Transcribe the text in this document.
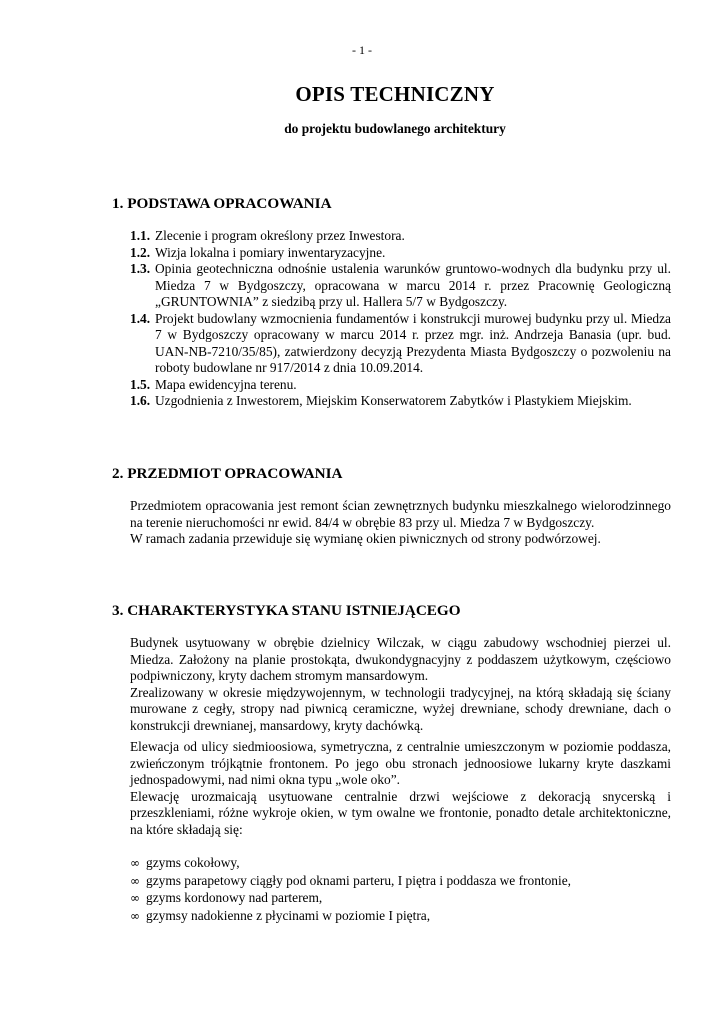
- 1 -
OPIS TECHNICZNY
do projektu budowlanego architektury
1. PODSTAWA OPRACOWANIA
1.1. Zlecenie i program określony przez Inwestora.
1.2. Wizja lokalna i pomiary inwentaryzacyjne.
1.3. Opinia geotechniczna odnośnie ustalenia warunków gruntowo-wodnych dla budynku przy ul. Miedza 7 w Bydgoszczy, opracowana w marcu 2014 r. przez Pracownię Geologiczną „GRUNTOWNIA” z siedzibą przy ul. Hallera 5/7 w Bydgoszczy.
1.4. Projekt budowlany wzmocnienia fundamentów i konstrukcji murowej budynku przy ul. Miedza 7 w Bydgoszczy opracowany w marcu 2014 r. przez mgr. inż. Andrzeja Banasia (upr. bud. UAN-NB-7210/35/85), zatwierdzony decyzją Prezydenta Miasta Bydgoszczy o pozwoleniu na roboty budowlane nr 917/2014 z dnia 10.09.2014.
1.5. Mapa ewidencyjna terenu.
1.6. Uzgodnienia z Inwestorem, Miejskim Konserwatorem Zabytków i Plastykiem Miejskim.
2. PRZEDMIOT OPRACOWANIA

Przedmiotem opracowania jest remont ścian zewnętrznych budynku mieszkalnego wielorodzinnego na terenie nieruchomości nr ewid. 84/4 w obrębie 83 przy ul. Miedza 7 w Bydgoszczy.

W ramach zadania przewiduje się wymianę okien piwnicznych od strony podwórzowej.

3. CHARAKTERYSTYKA STANU ISTNIEJĄCEGO

Budynek usytuowany w obrębie dzielnicy Wilczak, w ciągu zabudowy wschodniej pierzei ul. Miedza. Założony na planie prostokąta, dwukondygnacyjny z poddaszem użytkowym, częściowo podpiwniczony, kryty dachem stromym mansardowym.

Zrealizowany w okresie międzywojennym, w technologii tradycyjnej, na którą składają się ściany murowane z cegły, stropy nad piwnicą ceramiczne, wyżej drewniane, schody drewniane, dach o konstrukcji drewnianej, mansardowy, kryty dachówką.

Elewacja od ulicy siedmioosiowa, symetryczna, z centralnie umieszczonym w poziomie poddasza, zwieńczonym trójkątnie frontonem. Po jego obu stronach jednoosiowe lukarny kryte daszkami jednospadowymi, nad nimi okna typu „wole oko”.

Elewację urozmaicają usytuowane centralnie drzwi wejściowe z dekoracją snycerską i przeszkleniami, różne wykroje okien, w tym owalne we frontonie, ponadto detale architektoniczne, na które składają się:

∞ gzyms cokołowy,
∞ gzyms parapetowy ciągły pod oknami parteru, I piętra i poddasza we frontonie,
∞ gzyms kordonowy nad parterem,
∞ gzymsy nadokienne z płycinami w poziomie I piętra,
